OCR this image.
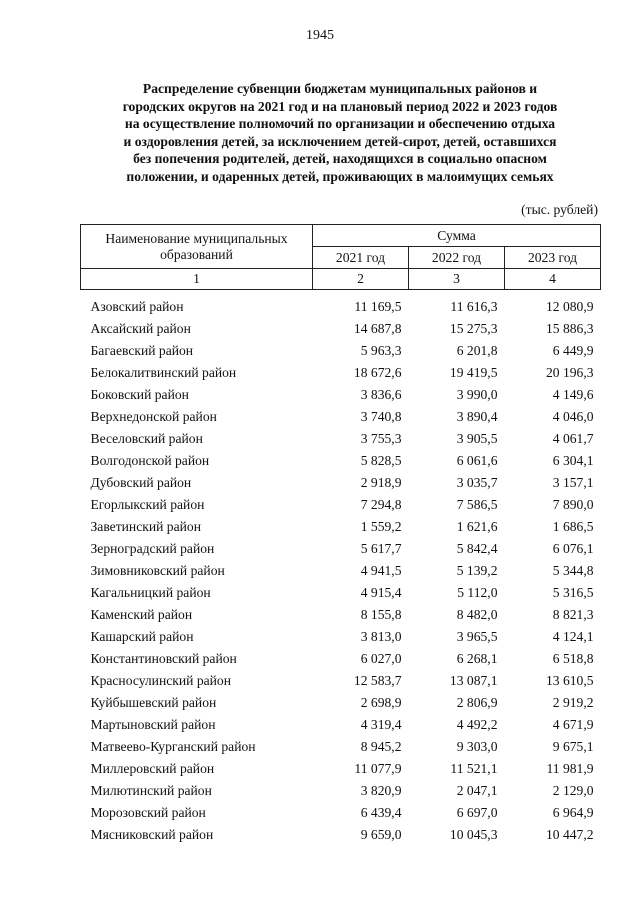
1945
Распределение субвенции бюджетам муниципальных районов и
городских округов на 2021 год и на плановый период 2022 и 2023 годов
на осуществление полномочий по организации и обеспечению отдыха
и оздоровления детей, за исключением детей-сирот, детей, оставшихся
без попечения родителей, детей, находящихся в социально опасном
положении, и одаренных детей, проживающих в малоимущих семьях
(тыс. рублей)
Наименование муниципальных
образований	Сумма		
	2021 год	2022 год	2023 год
1	2	3	4
Азовский район	11 169,5	11 616,3	12 080,9
Аксайский район	14 687,8	15 275,3	15 886,3
Багаевский район	5 963,3	6 201,8	6 449,9
Белокалитвинский район	18 672,6	19 419,5	20 196,3
Боковский район	3 836,6	3 990,0	4 149,6
Верхнедонской район	3 740,8	3 890,4	4 046,0
Веселовский район	3 755,3	3 905,5	4 061,7
Волгодонской район	5 828,5	6 061,6	6 304,1
Дубовский район	2 918,9	3 035,7	3 157,1
Егорлыкский район	7 294,8	7 586,5	7 890,0
Заветинский район	1 559,2	1 621,6	1 686,5
Зерноградский район	5 617,7	5 842,4	6 076,1
Зимовниковский район	4 941,5	5 139,2	5 344,8
Кагальницкий район	4 915,4	5 112,0	5 316,5
Каменский район	8 155,8	8 482,0	8 821,3
Кашарский район	3 813,0	3 965,5	4 124,1
Константиновский район	6 027,0	6 268,1	6 518,8
Красносулинский район	12 583,7	13 087,1	13 610,5
Куйбышевский район	2 698,9	2 806,9	2 919,2
Мартыновский район	4 319,4	4 492,2	4 671,9
Матвеево-Курганский район	8 945,2	9 303,0	9 675,1
Миллеровский район	11 077,9	11 521,1	11 981,9
Милютинский район	3 820,9	2 047,1	2 129,0
Морозовский район	6 439,4	6 697,0	6 964,9
Мясниковский район	9 659,0	10 045,3	10 447,2
